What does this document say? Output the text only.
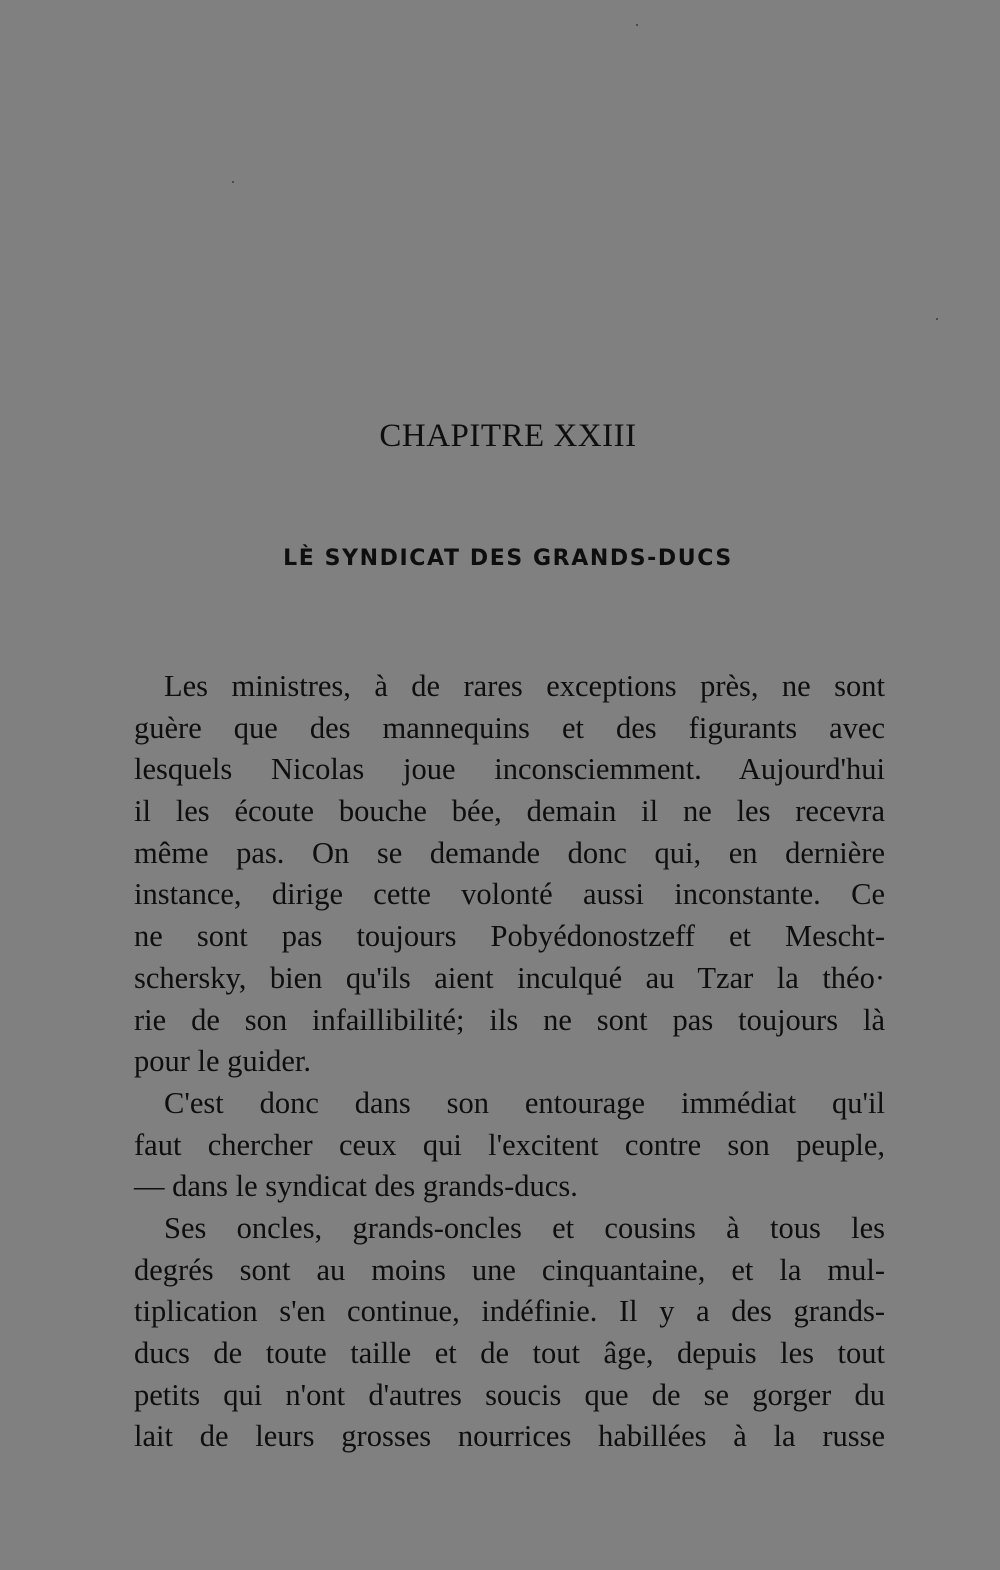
CHAPITRE XXIII
LÈ SYNDICAT DES GRANDS-DUCS
Les ministres, à de rares exceptions près, ne sont
guère que des mannequins et des figurants avec
lesquels Nicolas joue inconsciemment. Aujourd'hui
il les écoute bouche bée, demain il ne les recevra
même pas. On se demande donc qui, en dernière
instance, dirige cette volonté aussi inconstante. Ce
ne sont pas toujours Pobyédonostzeff et Mescht-
schersky, bien qu'ils aient inculqué au Tzar la théo·
rie de son infaillibilité; ils ne sont pas toujours là
pour le guider.
C'est donc dans son entourage immédiat qu'il
faut chercher ceux qui l'excitent contre son peuple,
— dans le syndicat des grands-ducs.
Ses oncles, grands-oncles et cousins à tous les
degrés sont au moins une cinquantaine, et la mul-
tiplication s'en continue, indéfinie. Il y a des grands-
ducs de toute taille et de tout âge, depuis les tout
petits qui n'ont d'autres soucis que de se gorger du
lait de leurs grosses nourrices habillées à la russe
